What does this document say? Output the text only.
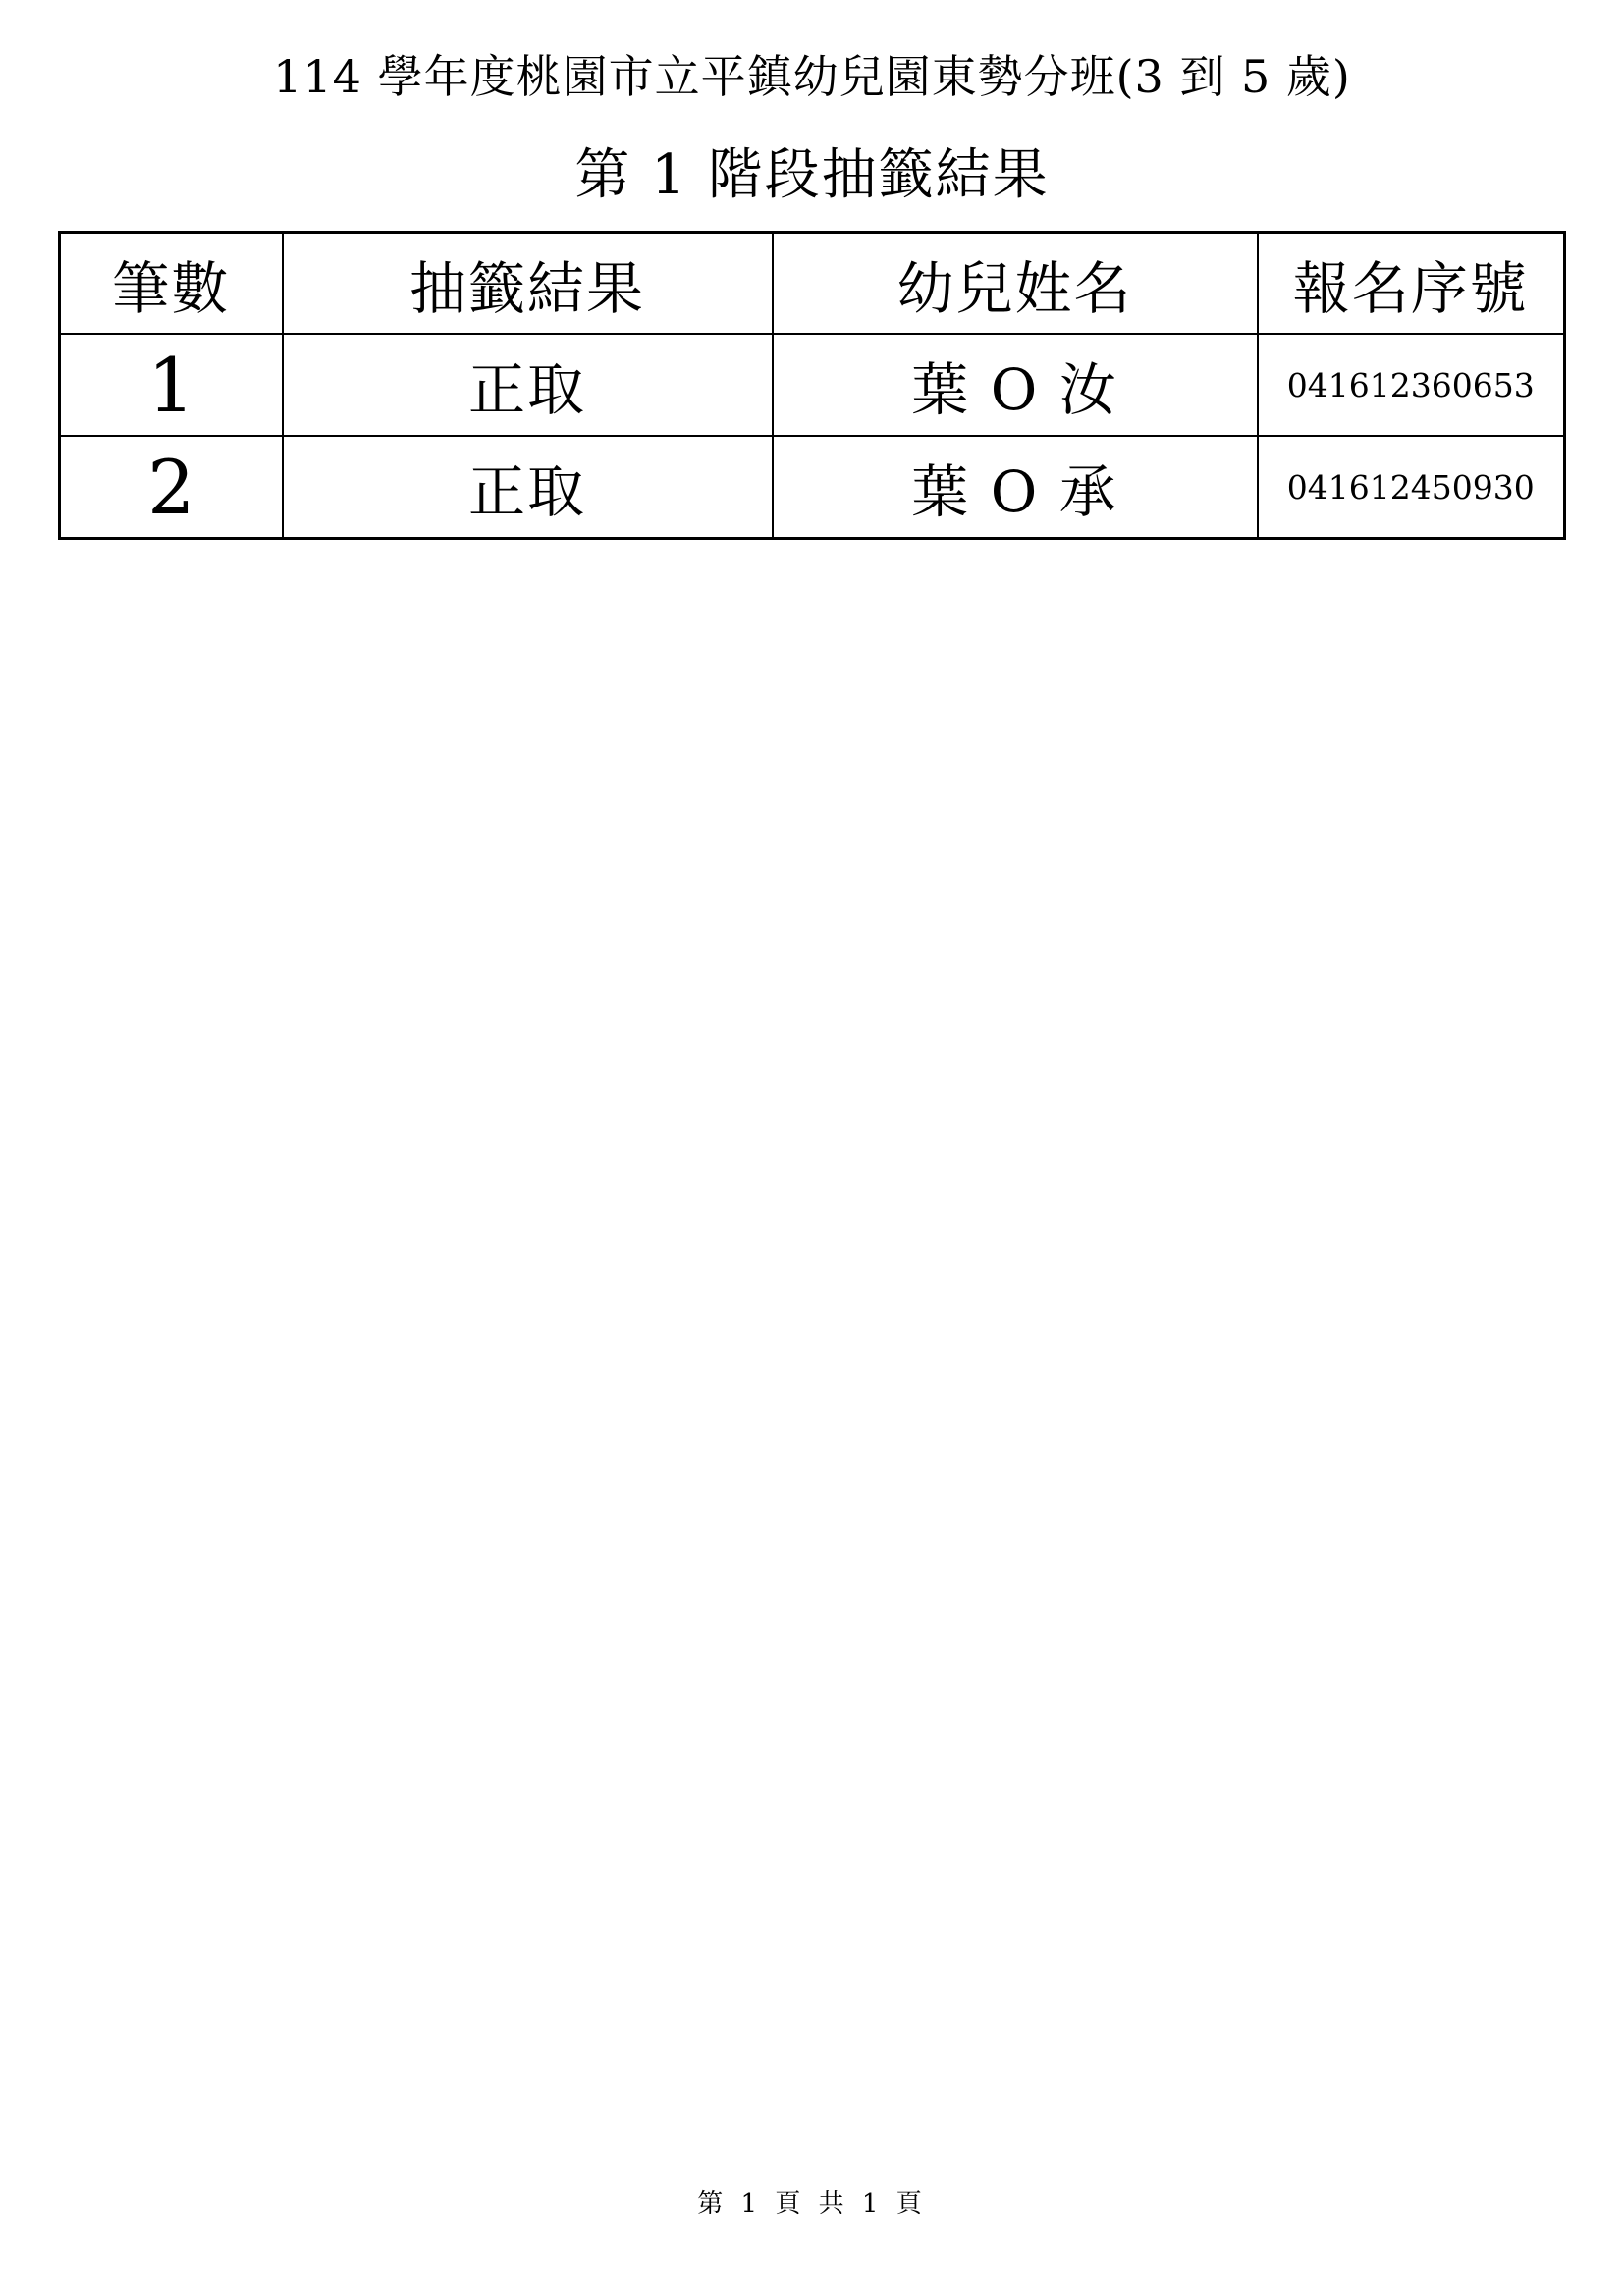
114 學年度桃園市立平鎮幼兒園東勢分班(3 到 5 歲)
第 1 階段抽籤結果
筆數	抽籤結果	幼兒姓名	報名序號
1	正取	葉 O 汝	041612360653
2	正取	葉 O 承	041612450930
第 1 頁 共 1 頁
